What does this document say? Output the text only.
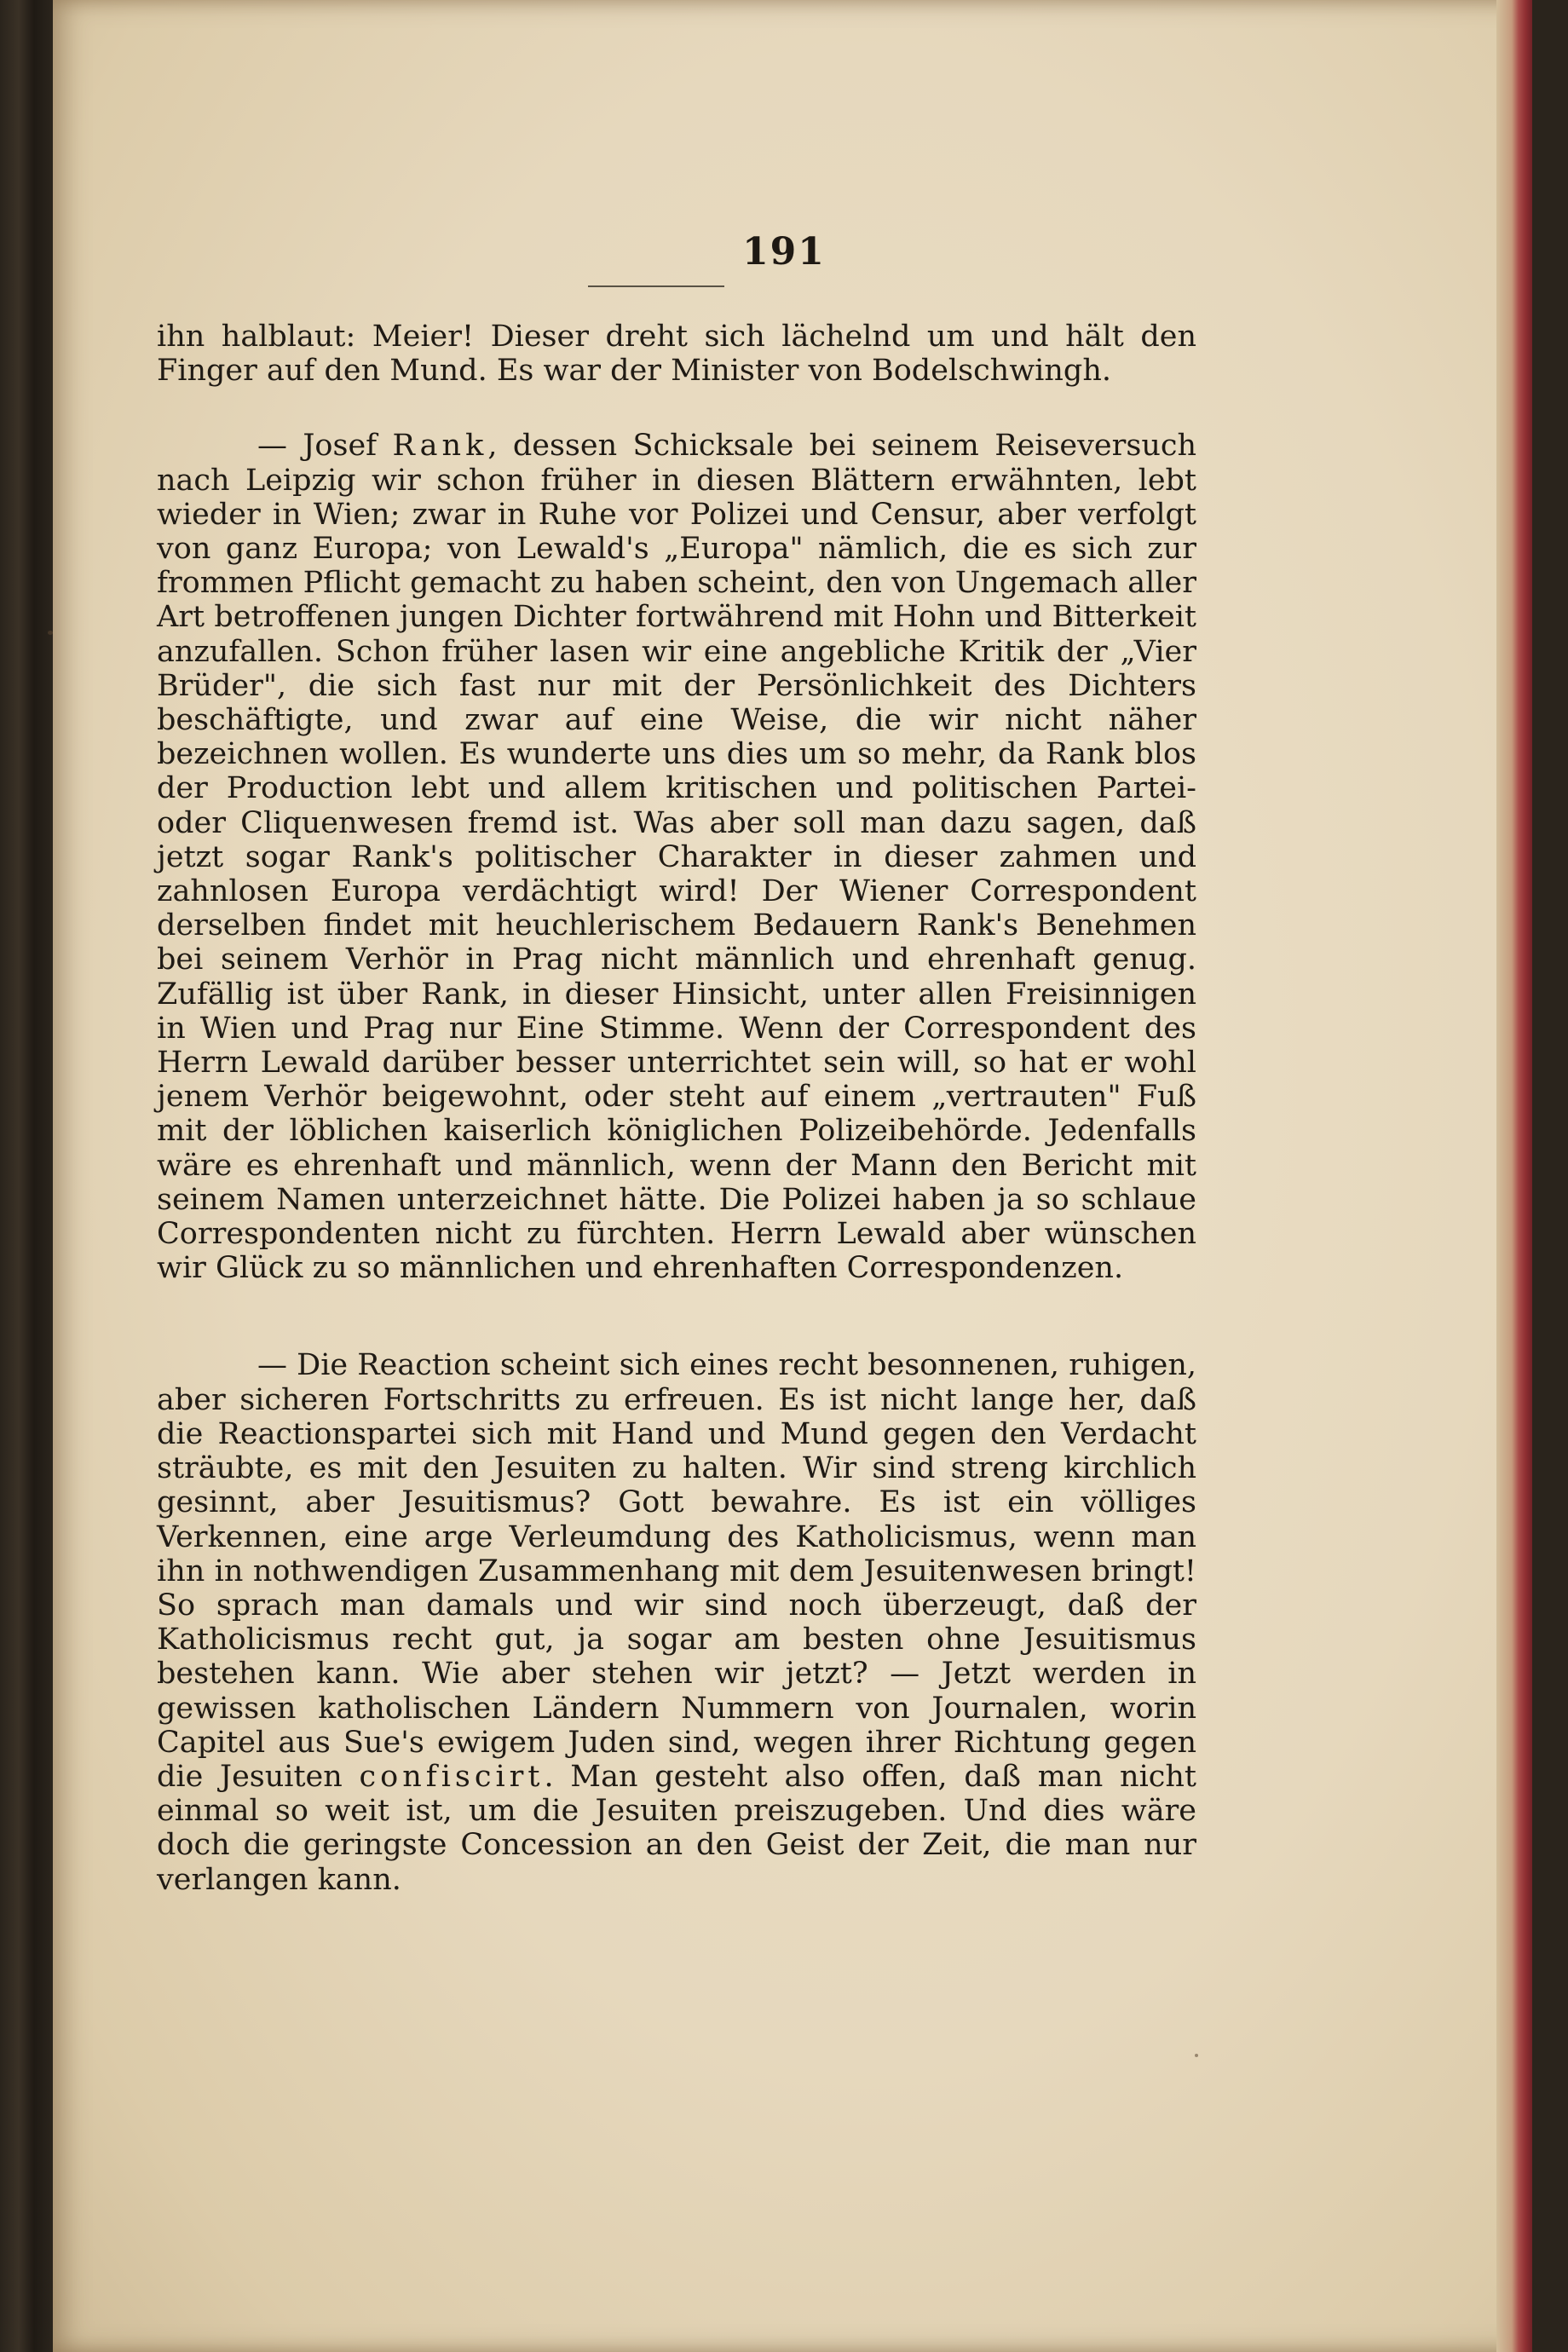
191

ihn halblaut: Meier! Dieser dreht sich lächelnd um und hält den Finger auf den Mund. Es war der Minister von Bodelschwingh.

— Josef Rank, dessen Schicksale bei seinem Reiseversuch nach Leipzig wir schon früher in diesen Blättern erwähnten, lebt wieder in Wien; zwar in Ruhe vor Polizei und Censur, aber verfolgt von ganz Europa; von Lewald's „Europa" nämlich, die es sich zur frommen Pflicht gemacht zu haben scheint, den von Ungemach aller Art betroffenen jungen Dichter fortwährend mit Hohn und Bitterkeit anzufallen. Schon früher lasen wir eine angebliche Kritik der „Vier Brüder", die sich fast nur mit der Persönlichkeit des Dichters beschäftigte, und zwar auf eine Weise, die wir nicht näher bezeichnen wollen. Es wunderte uns dies um so mehr, da Rank blos der Production lebt und allem kritischen und politischen Partei- oder Cliquenwesen fremd ist. Was aber soll man dazu sagen, daß jetzt sogar Rank's politischer Charakter in dieser zahmen und zahnlosen Europa verdächtigt wird! Der Wiener Correspondent derselben findet mit heuchlerischem Bedauern Rank's Benehmen bei seinem Verhör in Prag nicht männlich und ehrenhaft genug. Zufällig ist über Rank, in dieser Hinsicht, unter allen Freisinnigen in Wien und Prag nur Eine Stimme. Wenn der Correspondent des Herrn Lewald darüber besser unterrichtet sein will, so hat er wohl jenem Verhör beigewohnt, oder steht auf einem „vertrauten" Fuß mit der löblichen kaiserlich königlichen Polizeibehörde. Jedenfalls wäre es ehrenhaft und männlich, wenn der Mann den Bericht mit seinem Namen unterzeichnet hätte. Die Polizei haben ja so schlaue Correspondenten nicht zu fürchten. Herrn Lewald aber wünschen wir Glück zu so männlichen und ehrenhaften Correspondenzen.

— Die Reaction scheint sich eines recht besonnenen, ruhigen, aber sicheren Fortschritts zu erfreuen. Es ist nicht lange her, daß die Reactionspartei sich mit Hand und Mund gegen den Verdacht sträubte, es mit den Jesuiten zu halten. Wir sind streng kirchlich gesinnt, aber Jesuitismus? Gott bewahre. Es ist ein völliges Verkennen, eine arge Verleumdung des Katholicismus, wenn man ihn in nothwendigen Zusammenhang mit dem Jesuitenwesen bringt! So sprach man damals und wir sind noch überzeugt, daß der Katholicismus recht gut, ja sogar am besten ohne Jesuitismus bestehen kann. Wie aber stehen wir jetzt? — Jetzt werden in gewissen katholischen Ländern Nummern von Journalen, worin Capitel aus Sue's ewigem Juden sind, wegen ihrer Richtung gegen die Jesuiten confiscirt. Man gesteht also offen, daß man nicht einmal so weit ist, um die Jesuiten preiszugeben. Und dies wäre doch die geringste Concession an den Geist der Zeit, die man nur verlangen kann.
